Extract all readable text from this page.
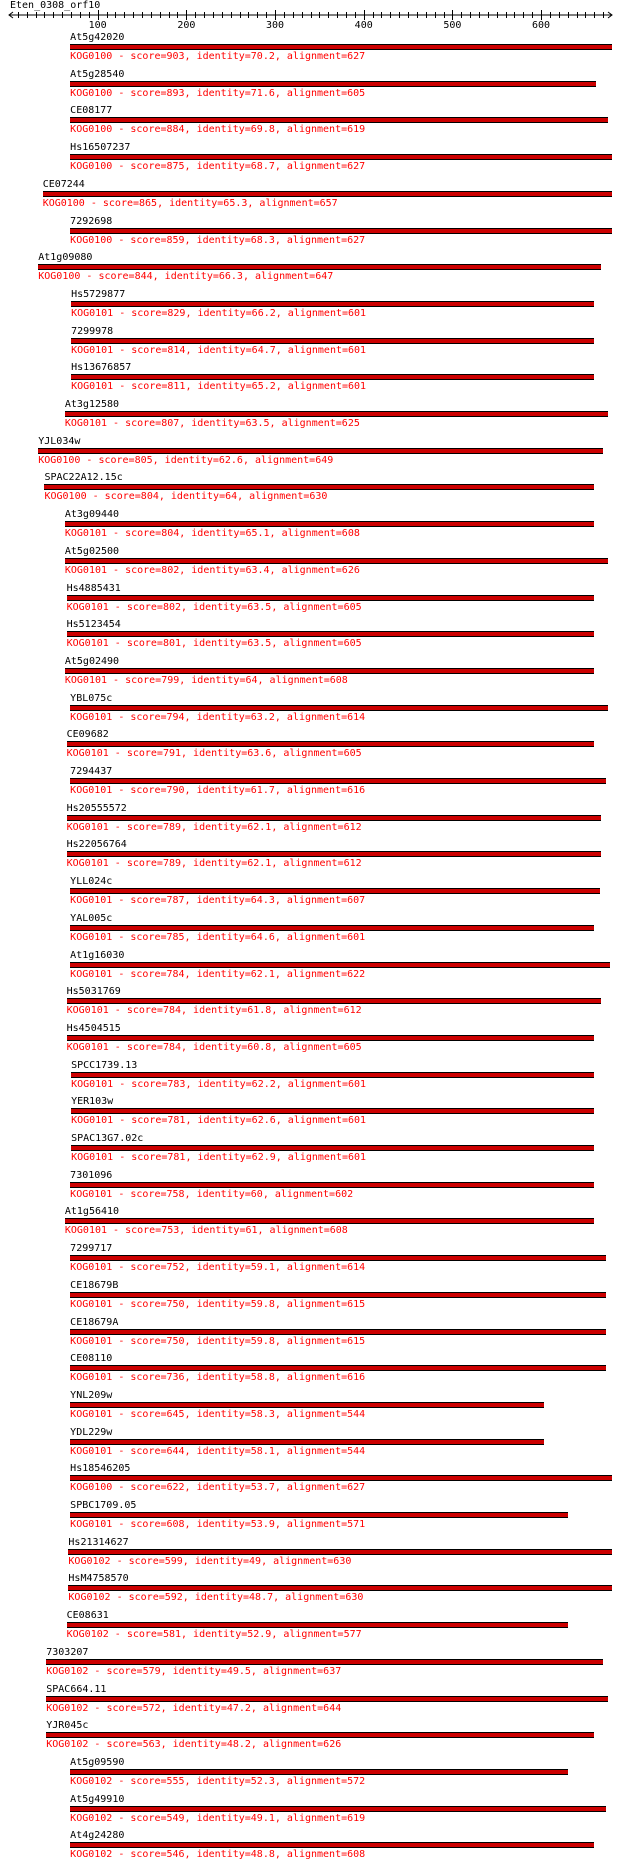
Eten_0308_orf10
100	200	300	400	500	600
At5g42020
KOG0100 - score=903, identity=70.2, alignment=627
At5g28540
KOG0100 - score=893, identity=71.6, alignment=605
CE08177
KOG0100 - score=884, identity=69.8, alignment=619
Hs16507237
KOG0100 - score=875, identity=68.7, alignment=627
CE07244
KOG0100 - score=865, identity=65.3, alignment=657
7292698
KOG0100 - score=859, identity=68.3, alignment=627
At1g09080
KOG0100 - score=844, identity=66.3, alignment=647
Hs5729877
KOG0101 - score=829, identity=66.2, alignment=601
7299978
KOG0101 - score=814, identity=64.7, alignment=601
Hs13676857
KOG0101 - score=811, identity=65.2, alignment=601
At3g12580
KOG0101 - score=807, identity=63.5, alignment=625
YJL034w
KOG0100 - score=805, identity=62.6, alignment=649
SPAC22A12.15c
KOG0100 - score=804, identity=64, alignment=630
At3g09440
KOG0101 - score=804, identity=65.1, alignment=608
At5g02500
KOG0101 - score=802, identity=63.4, alignment=626
Hs4885431
KOG0101 - score=802, identity=63.5, alignment=605
Hs5123454
KOG0101 - score=801, identity=63.5, alignment=605
At5g02490
KOG0101 - score=799, identity=64, alignment=608
YBL075c
KOG0101 - score=794, identity=63.2, alignment=614
CE09682
KOG0101 - score=791, identity=63.6, alignment=605
7294437
KOG0101 - score=790, identity=61.7, alignment=616
Hs20555572
KOG0101 - score=789, identity=62.1, alignment=612
Hs22056764
KOG0101 - score=789, identity=62.1, alignment=612
YLL024c
KOG0101 - score=787, identity=64.3, alignment=607
YAL005c
KOG0101 - score=785, identity=64.6, alignment=601
At1g16030
KOG0101 - score=784, identity=62.1, alignment=622
Hs5031769
KOG0101 - score=784, identity=61.8, alignment=612
Hs4504515
KOG0101 - score=784, identity=60.8, alignment=605
SPCC1739.13
KOG0101 - score=783, identity=62.2, alignment=601
YER103w
KOG0101 - score=781, identity=62.6, alignment=601
SPAC13G7.02c
KOG0101 - score=781, identity=62.9, alignment=601
7301096
KOG0101 - score=758, identity=60, alignment=602
At1g56410
KOG0101 - score=753, identity=61, alignment=608
7299717
KOG0101 - score=752, identity=59.1, alignment=614
CE18679B
KOG0101 - score=750, identity=59.8, alignment=615
CE18679A
KOG0101 - score=750, identity=59.8, alignment=615
CE08110
KOG0101 - score=736, identity=58.8, alignment=616
YNL209w
KOG0101 - score=645, identity=58.3, alignment=544
YDL229w
KOG0101 - score=644, identity=58.1, alignment=544
Hs18546205
KOG0100 - score=622, identity=53.7, alignment=627
SPBC1709.05
KOG0101 - score=608, identity=53.9, alignment=571
Hs21314627
KOG0102 - score=599, identity=49, alignment=630
HsM4758570
KOG0102 - score=592, identity=48.7, alignment=630
CE08631
KOG0102 - score=581, identity=52.9, alignment=577
7303207
KOG0102 - score=579, identity=49.5, alignment=637
SPAC664.11
KOG0102 - score=572, identity=47.2, alignment=644
YJR045c
KOG0102 - score=563, identity=48.2, alignment=626
At5g09590
KOG0102 - score=555, identity=52.3, alignment=572
At5g49910
KOG0102 - score=549, identity=49.1, alignment=619
At4g24280
KOG0102 - score=546, identity=48.8, alignment=608
